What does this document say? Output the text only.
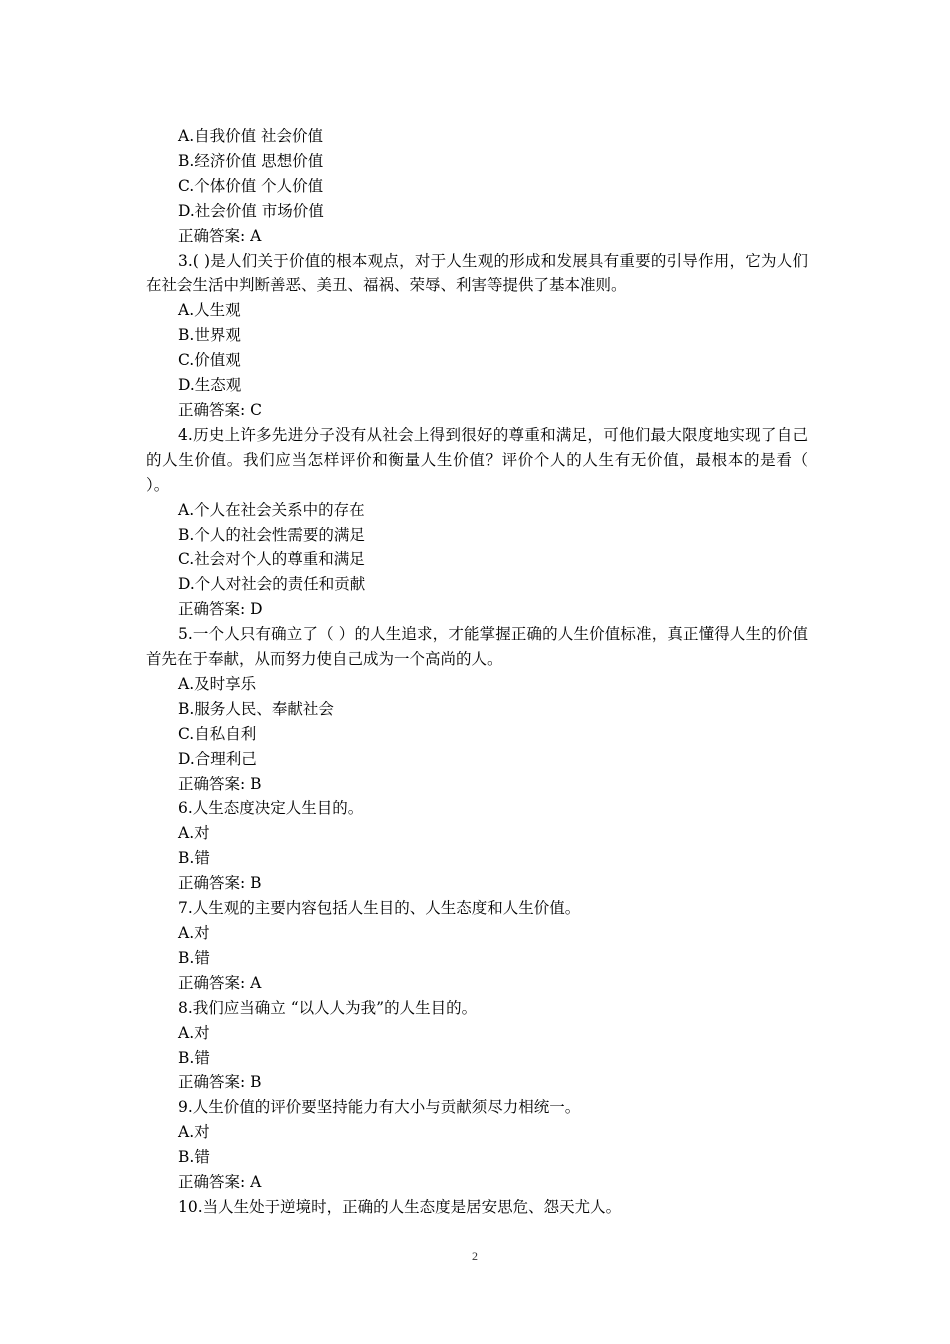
A.自我价值 社会价值
B.经济价值 思想价值
C.个体价值 个人价值
D.社会价值 市场价值
正确答案: A
3.( )是人们关于价值的根本观点，对于人生观的形成和发展具有重要的引导作用，它为人们在社会生活中判断善恶、美丑、福祸、荣辱、利害等提供了基本准则。
A.人生观
B.世界观
C.价值观
D.生态观
正确答案: C
4.历史上许多先进分子没有从社会上得到很好的尊重和满足，可他们最大限度地实现了自己的人生价值。我们应当怎样评价和衡量人生价值？评价个人的人生有无价值，最根本的是看（ ）。
A.个人在社会关系中的存在
B.个人的社会性需要的满足
C.社会对个人的尊重和满足
D.个人对社会的责任和贡献
正确答案: D
5.一个人只有确立了（ ）的人生追求，才能掌握正确的人生价值标准，真正懂得人生的价值首先在于奉献，从而努力使自己成为一个高尚的人。
A.及时享乐
B.服务人民、奉献社会
C.自私自利
D.合理利己
正确答案: B
6.人生态度决定人生目的。
A.对
B.错
正确答案: B
7.人生观的主要内容包括人生目的、人生态度和人生价值。
A.对
B.错
正确答案: A
8.我们应当确立 “以人人为我”的人生目的。
A.对
B.错
正确答案: B
9.人生价值的评价要坚持能力有大小与贡献须尽力相统一。
A.对
B.错
正确答案: A
10.当人生处于逆境时，正确的人生态度是居安思危、怨天尤人。
2
